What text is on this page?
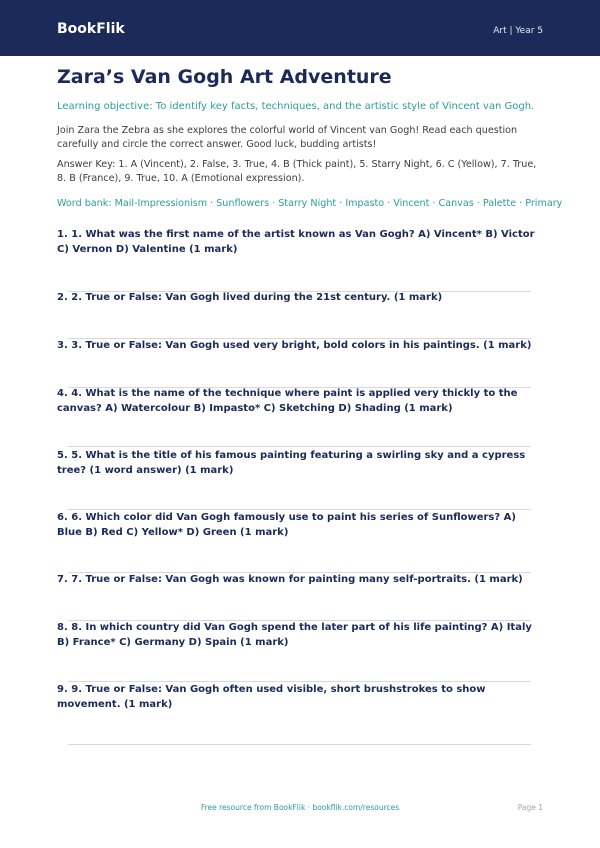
BookFlik	Art | Year 5
Zara’s Van Gogh Art Adventure
Learning objective: To identify key facts, techniques, and the artistic style of Vincent van Gogh.
Join Zara the Zebra as she explores the colorful world of Vincent van Gogh! Read each question carefully and circle the correct answer. Good luck, budding artists!
Answer Key: 1. A (Vincent), 2. False, 3. True, 4. B (Thick paint), 5. Starry Night, 6. C (Yellow), 7. True, 8. B (France), 9. True, 10. A (Emotional expression).
Word bank: Mail-Impressionism · Sunflowers · Starry Night · Impasto · Vincent · Canvas · Palette · Primary
1. 1. What was the first name of the artist known as Van Gogh? A) Vincent* B) Victor C) Vernon D) Valentine (1 mark)
2. 2. True or False: Van Gogh lived during the 21st century. (1 mark)
3. 3. True or False: Van Gogh used very bright, bold colors in his paintings. (1 mark)
4. 4. What is the name of the technique where paint is applied very thickly to the canvas? A) Watercolour B) Impasto* C) Sketching D) Shading (1 mark)
5. 5. What is the title of his famous painting featuring a swirling sky and a cypress tree? (1 word answer) (1 mark)
6. 6. Which color did Van Gogh famously use to paint his series of Sunflowers? A) Blue B) Red C) Yellow* D) Green (1 mark)
7. 7. True or False: Van Gogh was known for painting many self-portraits. (1 mark)
8. 8. In which country did Van Gogh spend the later part of his life painting? A) Italy B) France* C) Germany D) Spain (1 mark)
9. 9. True or False: Van Gogh often used visible, short brushstrokes to show movement. (1 mark)
Free resource from BookFlik · bookflik.com/resources	Page 1
